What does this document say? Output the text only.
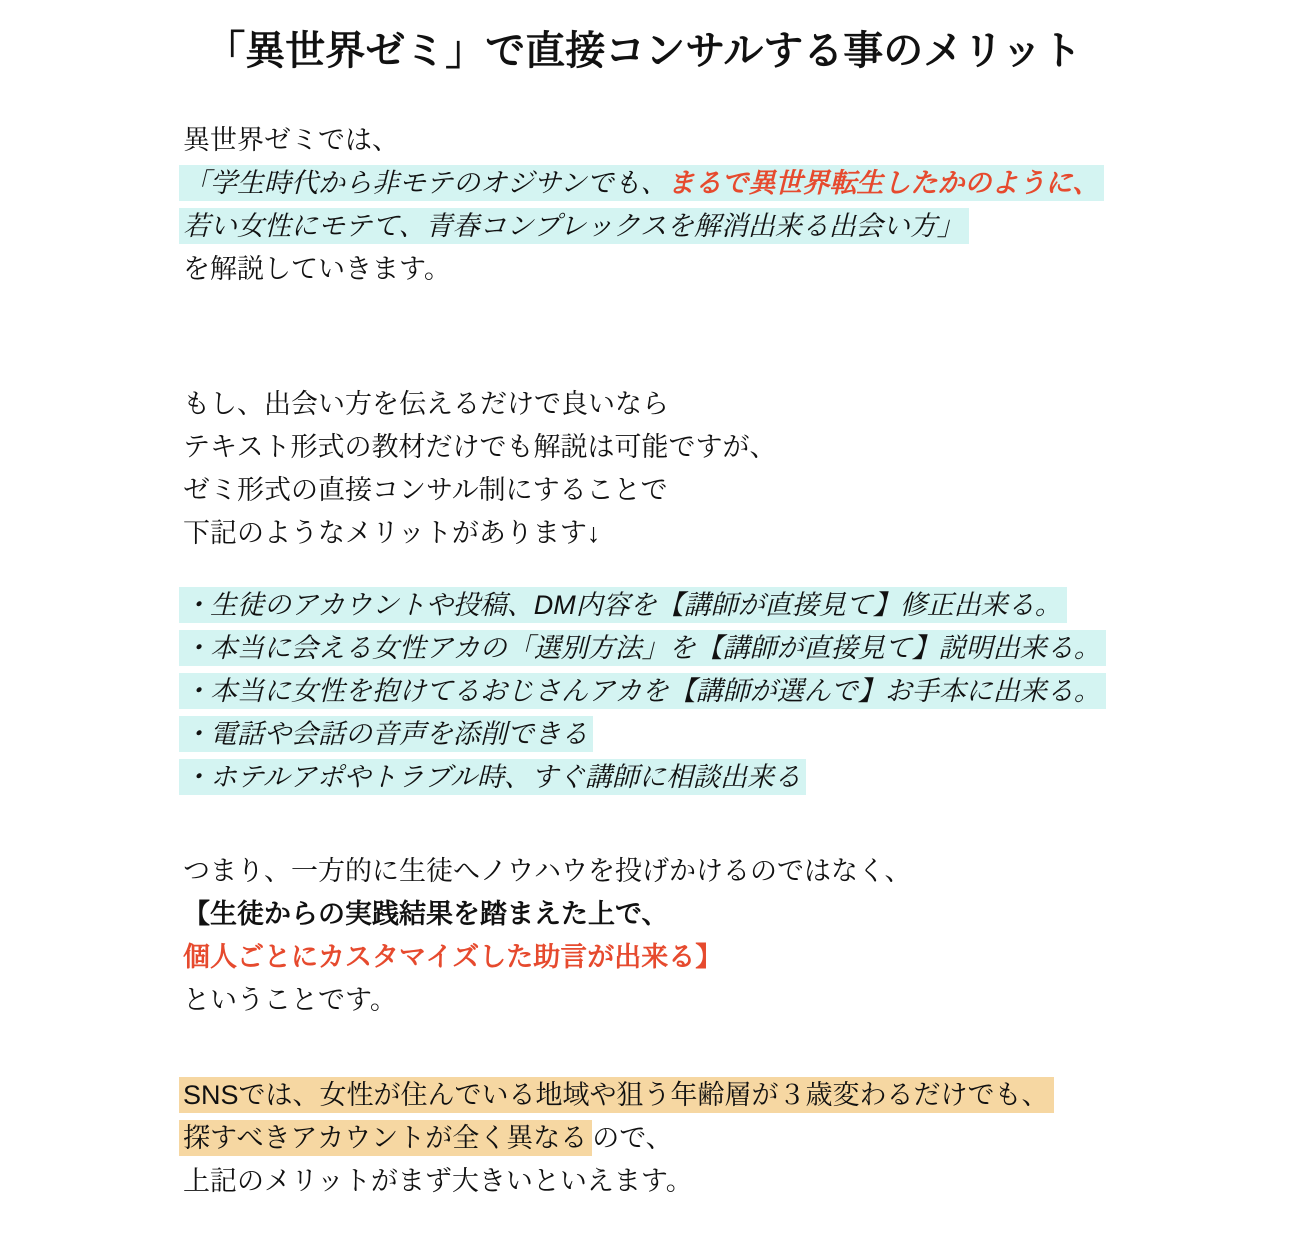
「異世界ゼミ」で直接コンサルする事のメリット
異世界ゼミでは、
「学生時代から非モテのオジサンでも、まるで異世界転生したかのように、
若い女性にモテて、青春コンプレックスを解消出来る出会い方」
を解説していきます。
もし、出会い方を伝えるだけで良いなら
テキスト形式の教材だけでも解説は可能ですが、
ゼミ形式の直接コンサル制にすることで
下記のようなメリットがあります↓
・生徒のアカウントや投稿、DM内容を【講師が直接見て】修正出来る。
・本当に会える女性アカの「選別方法」を【講師が直接見て】説明出来る。
・本当に女性を抱けてるおじさんアカを【講師が選んで】お手本に出来る。
・電話や会話の音声を添削できる
・ホテルアポやトラブル時、すぐ講師に相談出来る
つまり、一方的に生徒へノウハウを投げかけるのではなく、
【生徒からの実践結果を踏まえた上で、
個人ごとにカスタマイズした助言が出来る】
ということです。
SNSでは、女性が住んでいる地域や狙う年齢層が３歳変わるだけでも、
探すべきアカウントが全く異なる ので、
上記のメリットがまず大きいといえます。
